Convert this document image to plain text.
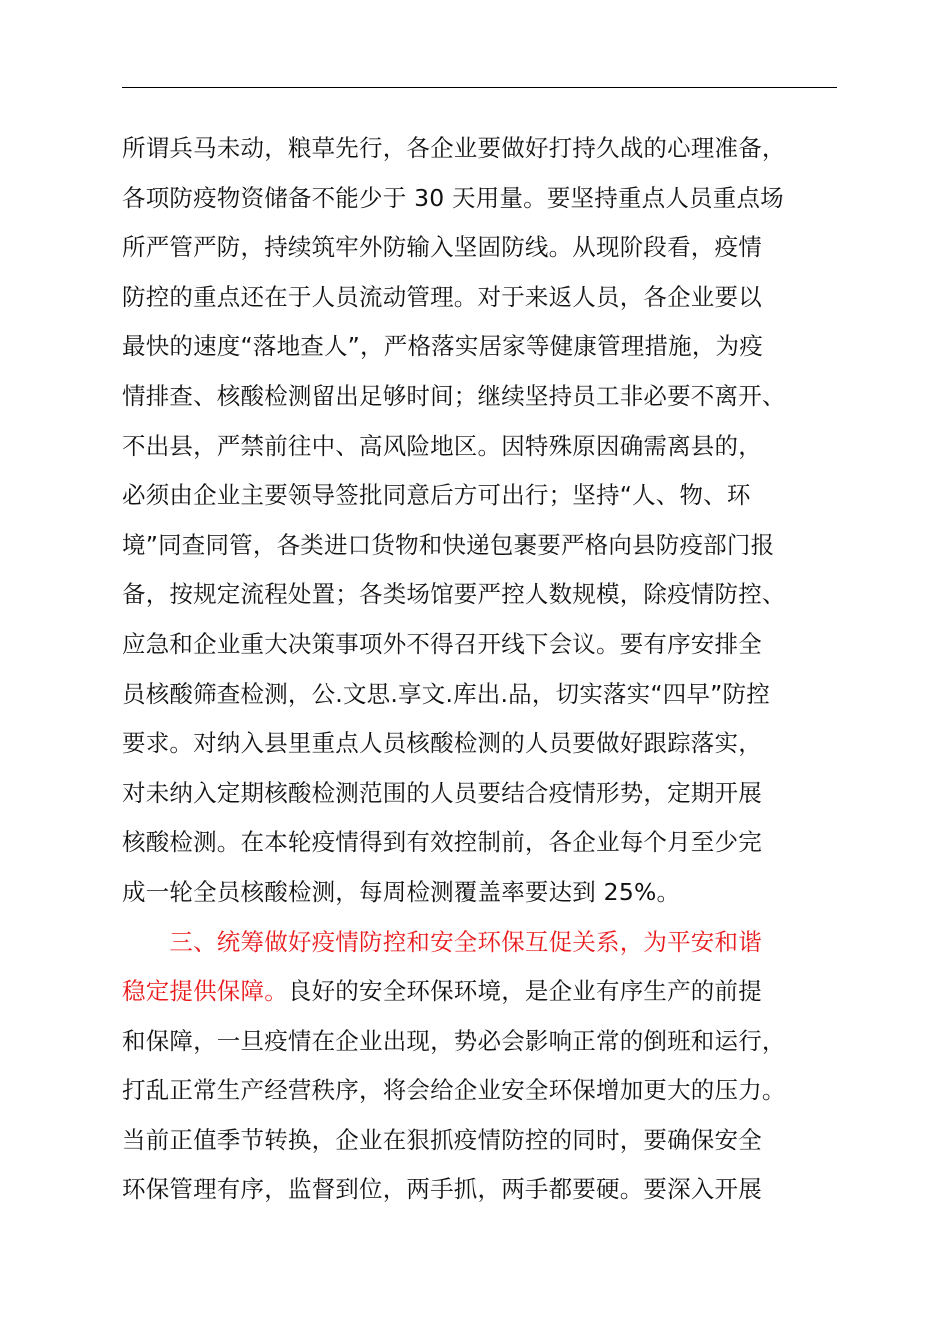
所谓兵马未动，粮草先行，各企业要做好打持久战的心理准备，
各项防疫物资储备不能少于 30 天用量。要坚持重点人员重点场
所严管严防，持续筑牢外防输入坚固防线。从现阶段看，疫情
防控的重点还在于人员流动管理。对于来返人员，各企业要以
最快的速度“落地查人”，严格落实居家等健康管理措施，为疫
情排查、核酸检测留出足够时间；继续坚持员工非必要不离开、
不出县，严禁前往中、高风险地区。因特殊原因确需离县的，
必须由企业主要领导签批同意后方可出行；坚持“人、物、环
境”同查同管，各类进口货物和快递包裹要严格向县防疫部门报
备，按规定流程处置；各类场馆要严控人数规模，除疫情防控、
应急和企业重大决策事项外不得召开线下会议。要有序安排全
员核酸筛查检测，公.文思.享文.库出.品，切实落实“四早”防控
要求。对纳入县里重点人员核酸检测的人员要做好跟踪落实，
对未纳入定期核酸检测范围的人员要结合疫情形势，定期开展
核酸检测。在本轮疫情得到有效控制前，各企业每个月至少完
成一轮全员核酸检测，每周检测覆盖率要达到 25%。
　　三、统筹做好疫情防控和安全环保互促关系，为平安和谐
稳定提供保障。良好的安全环保环境，是企业有序生产的前提
和保障，一旦疫情在企业出现，势必会影响正常的倒班和运行，
打乱正常生产经营秩序，将会给企业安全环保增加更大的压力。
当前正值季节转换，企业在狠抓疫情防控的同时，要确保安全
环保管理有序，监督到位，两手抓，两手都要硬。要深入开展
